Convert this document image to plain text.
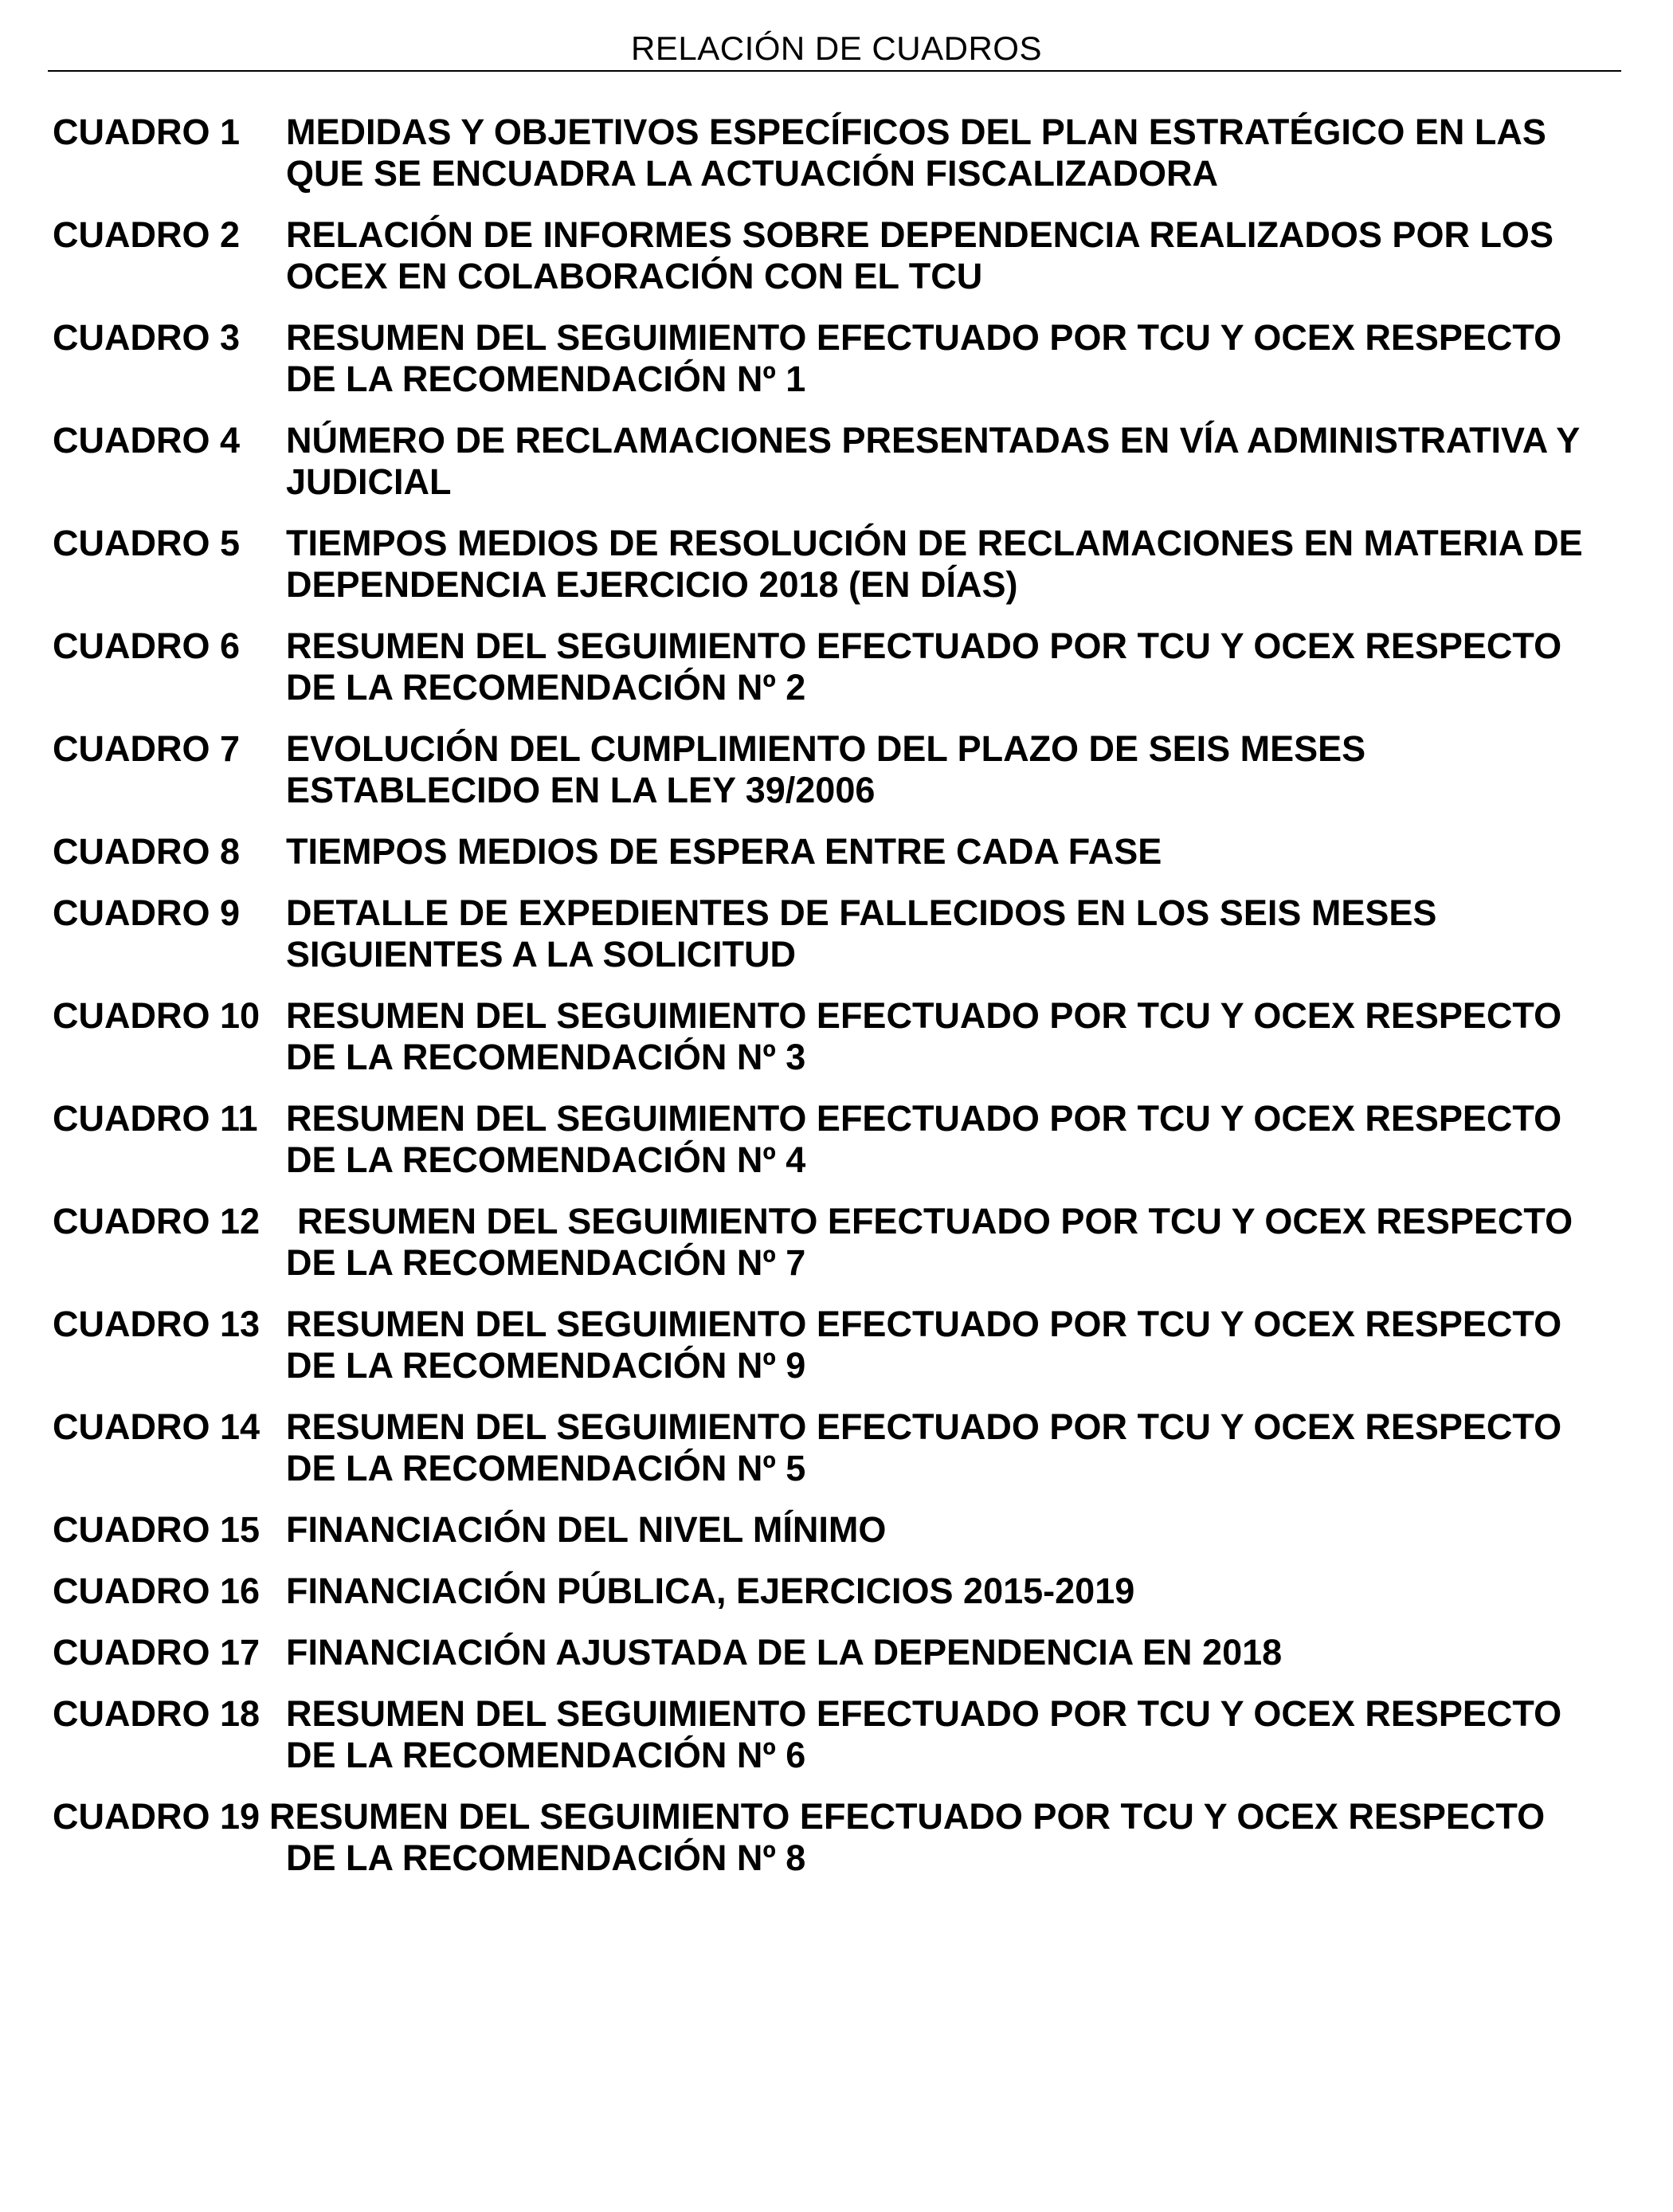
RELACIÓN DE CUADROS
CUADRO 1	MEDIDAS Y OBJETIVOS ESPECÍFICOS DEL PLAN ESTRATÉGICO EN LAS
QUE SE ENCUADRA LA ACTUACIÓN FISCALIZADORA
CUADRO 2	RELACIÓN DE INFORMES SOBRE DEPENDENCIA REALIZADOS POR LOS
OCEX EN COLABORACIÓN CON EL TCU
CUADRO 3	RESUMEN DEL SEGUIMIENTO EFECTUADO POR TCU Y OCEX RESPECTO
DE LA RECOMENDACIÓN Nº 1
CUADRO 4	NÚMERO DE RECLAMACIONES PRESENTADAS EN VÍA ADMINISTRATIVA Y
JUDICIAL
CUADRO 5	TIEMPOS MEDIOS DE RESOLUCIÓN DE RECLAMACIONES EN MATERIA DE
DEPENDENCIA EJERCICIO 2018 (EN DÍAS)
CUADRO 6	RESUMEN DEL SEGUIMIENTO EFECTUADO POR TCU Y OCEX RESPECTO
DE LA RECOMENDACIÓN Nº 2
CUADRO 7	EVOLUCIÓN DEL CUMPLIMIENTO DEL PLAZO DE SEIS MESES
ESTABLECIDO EN LA LEY 39/2006
CUADRO 8	TIEMPOS MEDIOS DE ESPERA ENTRE CADA FASE
CUADRO 9	DETALLE DE EXPEDIENTES DE FALLECIDOS EN LOS SEIS MESES
SIGUIENTES A LA SOLICITUD
CUADRO 10 RESUMEN DEL SEGUIMIENTO EFECTUADO POR TCU Y OCEX RESPECTO
DE LA RECOMENDACIÓN Nº 3
CUADRO 11 RESUMEN DEL SEGUIMIENTO EFECTUADO POR TCU Y OCEX RESPECTO
DE LA RECOMENDACIÓN Nº 4
CUADRO 12	RESUMEN DEL SEGUIMIENTO EFECTUADO POR TCU Y OCEX RESPECTO
DE LA RECOMENDACIÓN Nº 7
CUADRO 13 RESUMEN DEL SEGUIMIENTO EFECTUADO POR TCU Y OCEX RESPECTO
DE LA RECOMENDACIÓN Nº 9
CUADRO 14 RESUMEN DEL SEGUIMIENTO EFECTUADO POR TCU Y OCEX RESPECTO
DE LA RECOMENDACIÓN Nº 5
CUADRO 15 FINANCIACIÓN DEL NIVEL MÍNIMO
CUADRO 16 FINANCIACIÓN PÚBLICA, EJERCICIOS 2015-2019
CUADRO 17 FINANCIACIÓN AJUSTADA DE LA DEPENDENCIA EN 2018
CUADRO 18 RESUMEN DEL SEGUIMIENTO EFECTUADO POR TCU Y OCEX RESPECTO
DE LA RECOMENDACIÓN Nº 6
CUADRO 19 RESUMEN DEL SEGUIMIENTO EFECTUADO POR TCU Y OCEX RESPECTO
DE LA RECOMENDACIÓN Nº 8
